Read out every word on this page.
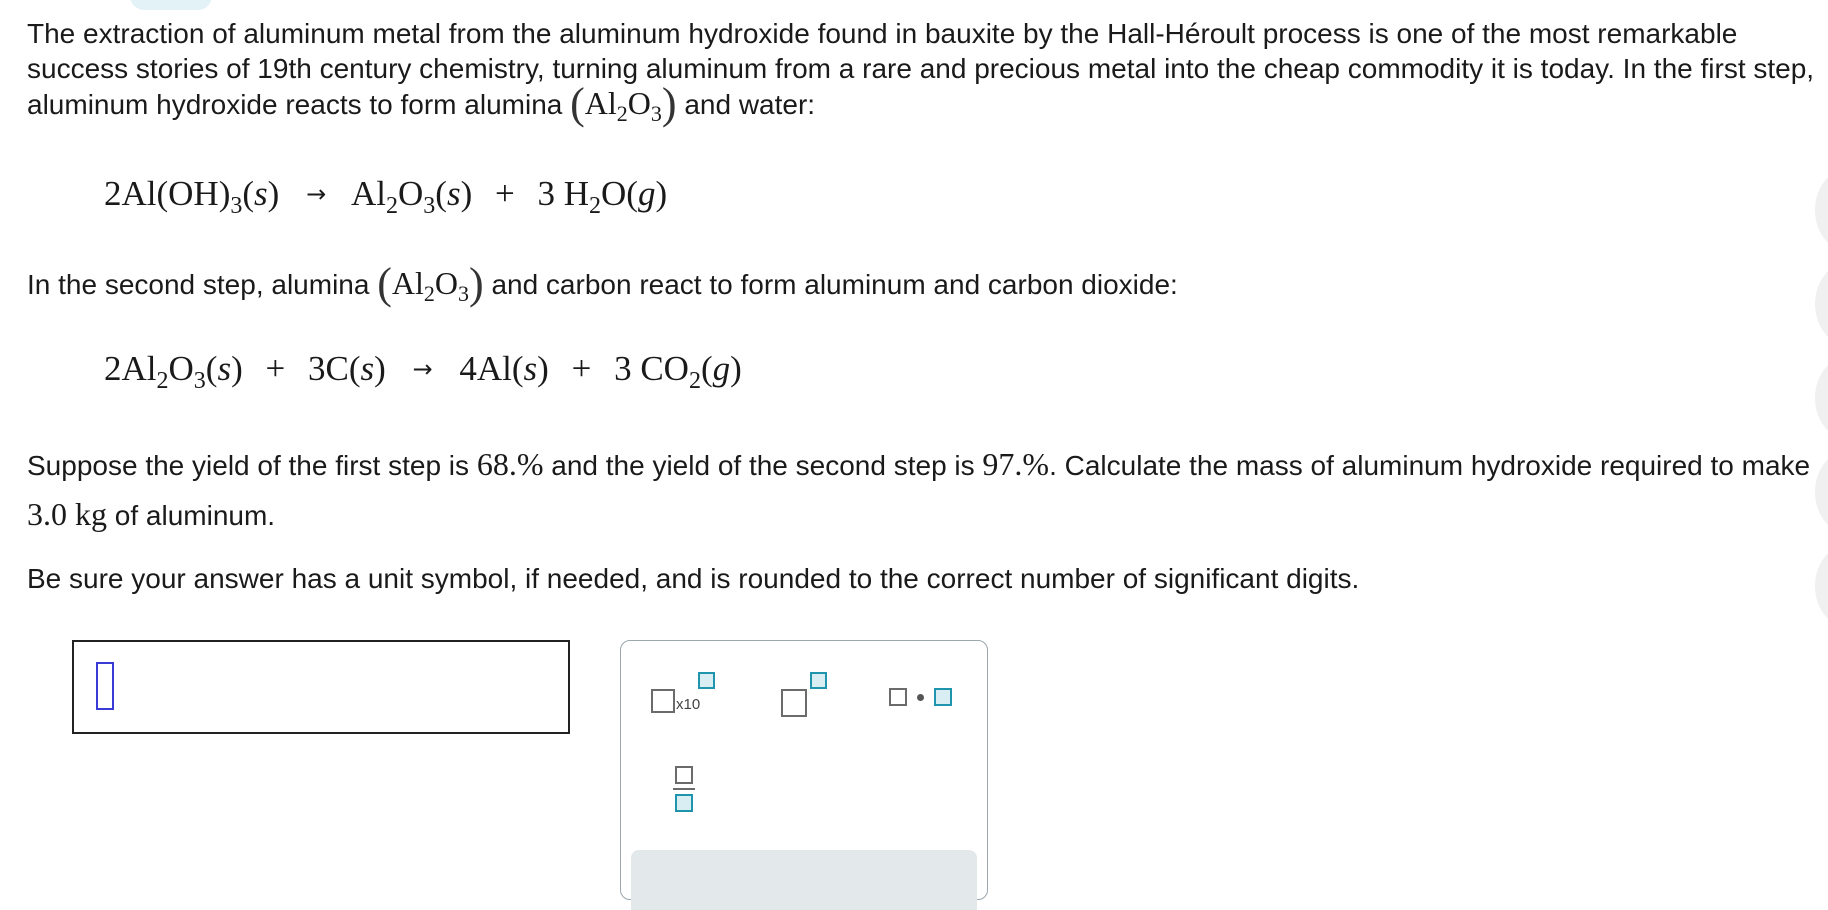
The extraction of aluminum metal from the aluminum hydroxide found in bauxite by the Hall-Héroult process is one of the most remarkable success stories of 19th century chemistry, turning aluminum from a rare and precious metal into the cheap commodity it is today. In the first step, aluminum hydroxide reacts to form alumina $(Al_2O_3)$ and water:

$2Al(OH)_3(s) \to Al_2O_3(s) + 3$ $H_2O(g)$

In the second step, alumina $(Al_2O_3)$ and carbon react to form aluminum and carbon dioxide:

$2Al_2O_3(s) + 3C(s) \to 4Al(s) + 3$ $CO_2(g)$

Suppose the yield of the first step is 68.% and the yield of the second step is 97.%. Calculate the mass of aluminum hydroxide required to make 3.0 kg of aluminum.

Be sure your answer has a unit symbol, if needed, and is rounded to the correct number of significant digits.

x10
